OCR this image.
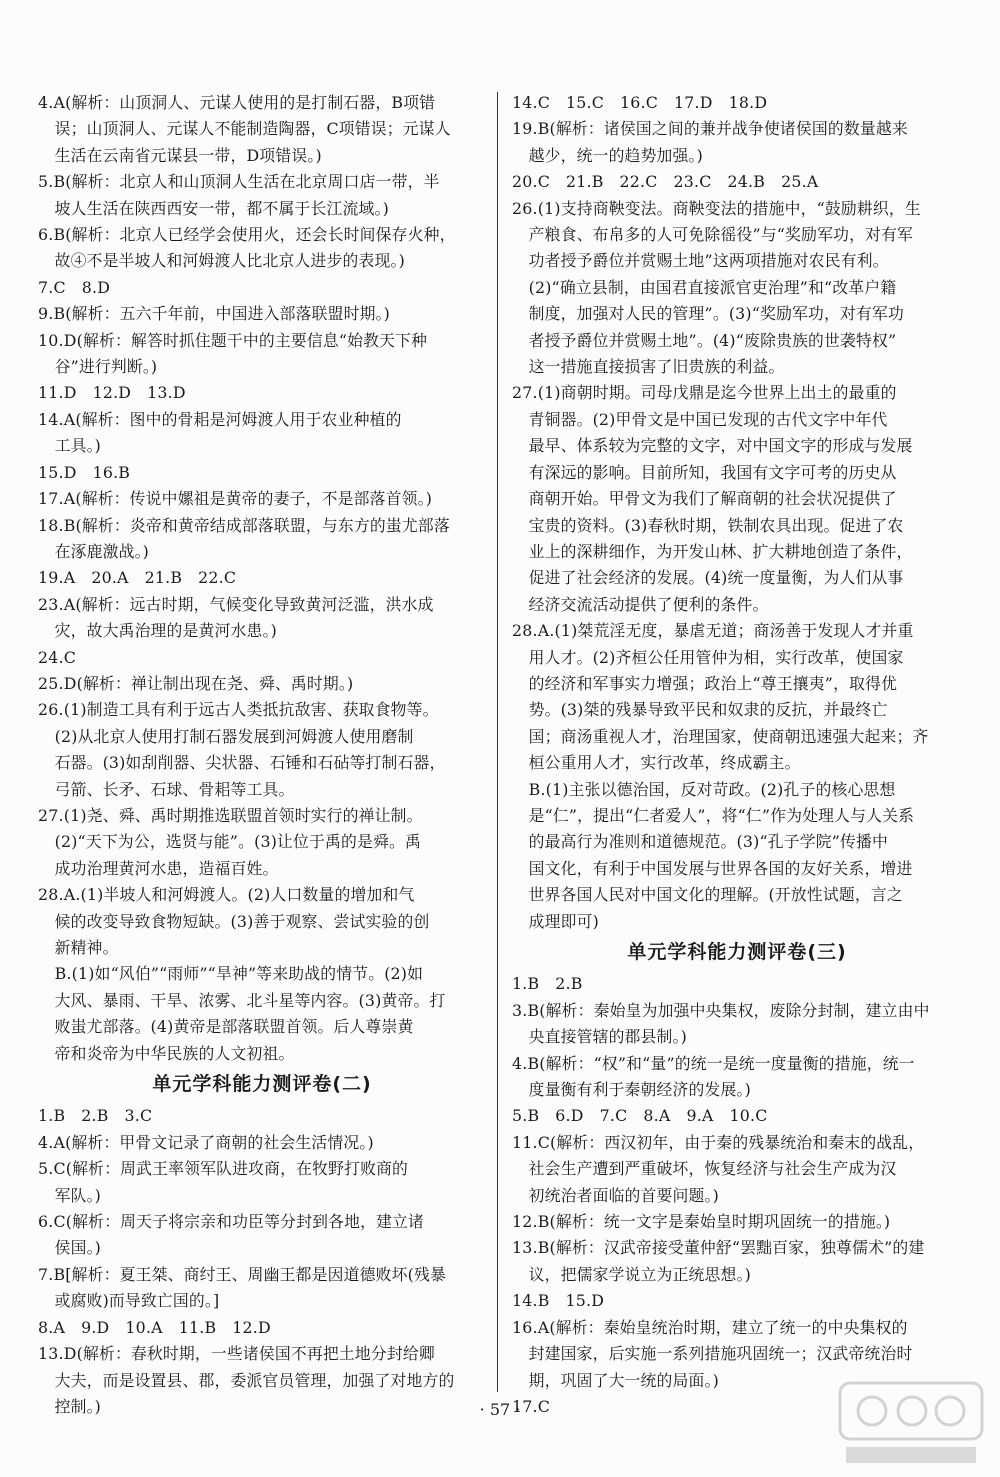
4.A(解析：山顶洞人、元谋人使用的是打制石器，B项错
误；山顶洞人、元谋人不能制造陶器，C项错误；元谋人
生活在云南省元谋县一带，D项错误。)
5.B(解析：北京人和山顶洞人生活在北京周口店一带，半
坡人生活在陕西西安一带，都不属于长江流域。)
6.B(解析：北京人已经学会使用火，还会长时间保存火种，
故④不是半坡人和河姆渡人比北京人进步的表现。)
7.C　8.D
9.B(解析：五六千年前，中国进入部落联盟时期。)
10.D(解析：解答时抓住题干中的主要信息“始教天下种
谷”进行判断。)
11.D　12.D　13.D
14.A(解析：图中的骨耜是河姆渡人用于农业种植的
工具。)
15.D　16.B
17.A(解析：传说中嫘祖是黄帝的妻子，不是部落首领。)
18.B(解析：炎帝和黄帝结成部落联盟，与东方的蚩尤部落
在涿鹿激战。)
19.A　20.A　21.B　22.C
23.A(解析：远古时期，气候变化导致黄河泛滥，洪水成
灾，故大禹治理的是黄河水患。)
24.C
25.D(解析：禅让制出现在尧、舜、禹时期。)
26.(1)制造工具有利于远古人类抵抗敌害、获取食物等。
(2)从北京人使用打制石器发展到河姆渡人使用磨制
石器。(3)如刮削器、尖状器、石锤和石砧等打制石器，
弓箭、长矛、石球、骨耜等工具。
27.(1)尧、舜、禹时期推选联盟首领时实行的禅让制。
(2)“天下为公，选贤与能”。(3)让位于禹的是舜。禹
成功治理黄河水患，造福百姓。
28.A.(1)半坡人和河姆渡人。(2)人口数量的增加和气
候的改变导致食物短缺。(3)善于观察、尝试实验的创
新精神。
B.(1)如“风伯”“雨师”“旱神”等来助战的情节。(2)如
大风、暴雨、干旱、浓雾、北斗星等内容。(3)黄帝。打
败蚩尤部落。(4)黄帝是部落联盟首领。后人尊崇黄
帝和炎帝为中华民族的人文初祖。
单元学科能力测评卷(二)
1.B　2.B　3.C
4.A(解析：甲骨文记录了商朝的社会生活情况。)
5.C(解析：周武王率领军队进攻商，在牧野打败商的
军队。)
6.C(解析：周天子将宗亲和功臣等分封到各地，建立诸
侯国。)
7.B[解析：夏王桀、商纣王、周幽王都是因道德败坏(残暴
或腐败)而导致亡国的。]
8.A　9.D　10.A　11.B　12.D
13.D(解析：春秋时期，一些诸侯国不再把土地分封给卿
大夫，而是设置县、郡，委派官员管理，加强了对地方的
控制。)
14.C　15.C　16.C　17.D　18.D
19.B(解析：诸侯国之间的兼并战争使诸侯国的数量越来
越少，统一的趋势加强。)
20.C　21.B　22.C　23.C　24.B　25.A
26.(1)支持商鞅变法。商鞅变法的措施中，“鼓励耕织，生
产粮食、布帛多的人可免除徭役”与“奖励军功，对有军
功者授予爵位并赏赐土地”这两项措施对农民有利。
(2)“确立县制，由国君直接派官吏治理”和“改革户籍
制度，加强对人民的管理”。(3)“奖励军功，对有军功
者授予爵位并赏赐土地”。(4)“废除贵族的世袭特权”
这一措施直接损害了旧贵族的利益。
27.(1)商朝时期。司母戊鼎是迄今世界上出土的最重的
青铜器。(2)甲骨文是中国已发现的古代文字中年代
最早、体系较为完整的文字，对中国文字的形成与发展
有深远的影响。目前所知，我国有文字可考的历史从
商朝开始。甲骨文为我们了解商朝的社会状况提供了
宝贵的资料。(3)春秋时期，铁制农具出现。促进了农
业上的深耕细作，为开发山林、扩大耕地创造了条件，
促进了社会经济的发展。(4)统一度量衡，为人们从事
经济交流活动提供了便利的条件。
28.A.(1)桀荒淫无度，暴虐无道；商汤善于发现人才并重
用人才。(2)齐桓公任用管仲为相，实行改革，使国家
的经济和军事实力增强；政治上“尊王攘夷”，取得优
势。(3)桀的残暴导致平民和奴隶的反抗，并最终亡
国；商汤重视人才，治理国家，使商朝迅速强大起来；齐
桓公重用人才，实行改革，终成霸主。
B.(1)主张以德治国，反对苛政。(2)孔子的核心思想
是“仁”，提出“仁者爱人”，将“仁”作为处理人与人关系
的最高行为准则和道德规范。(3)“孔子学院”传播中
国文化，有利于中国发展与世界各国的友好关系，增进
世界各国人民对中国文化的理解。(开放性试题，言之
成理即可)
单元学科能力测评卷(三)
1.B　2.B
3.B(解析：秦始皇为加强中央集权，废除分封制，建立由中
央直接管辖的郡县制。)
4.B(解析：“权”和“量”的统一是统一度量衡的措施，统一
度量衡有利于秦朝经济的发展。)
5.B　6.D　7.C　8.A　9.A　10.C
11.C(解析：西汉初年，由于秦的残暴统治和秦末的战乱，
社会生产遭到严重破坏，恢复经济与社会生产成为汉
初统治者面临的首要问题。)
12.B(解析：统一文字是秦始皇时期巩固统一的措施。)
13.B(解析：汉武帝接受董仲舒“罢黜百家，独尊儒术”的建
议，把儒家学说立为正统思想。)
14.B　15.D
16.A(解析：秦始皇统治时期，建立了统一的中央集权的
封建国家，后实施一系列措施巩固统一；汉武帝统治时
期，巩固了大一统的局面。)
17.C
· 57 ·
